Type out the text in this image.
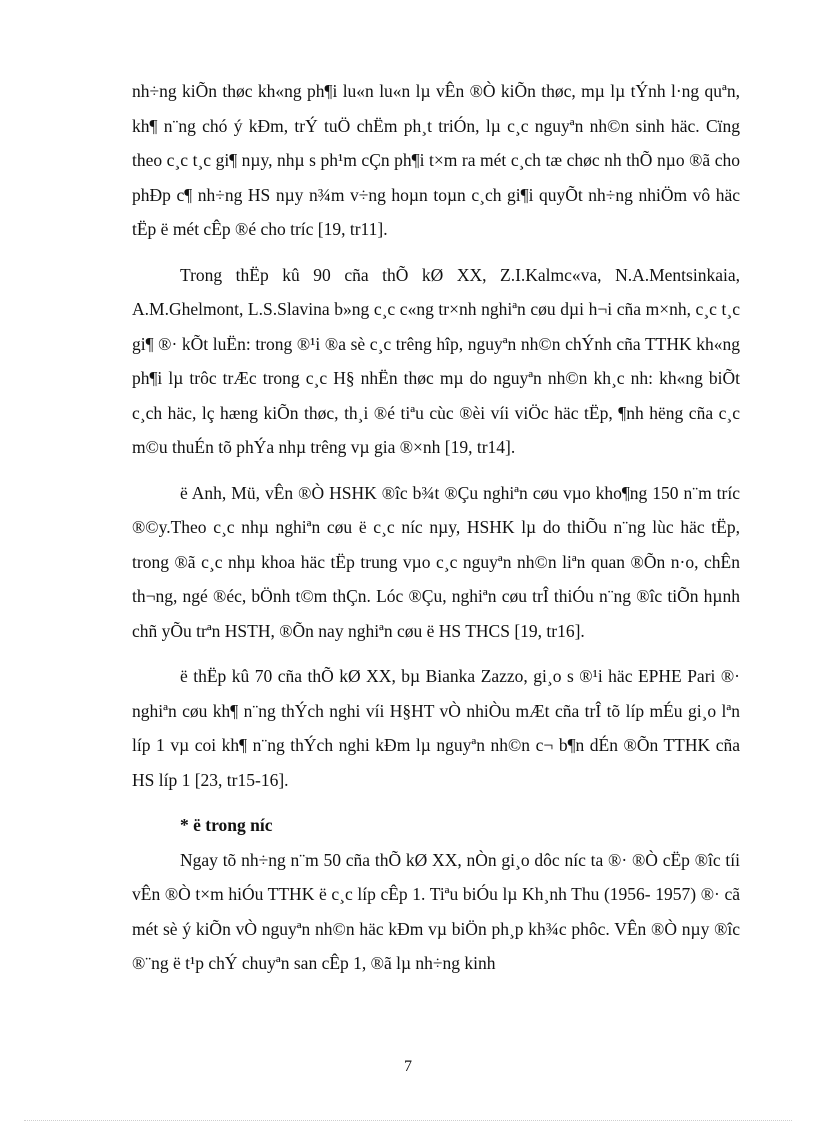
nh÷ng kiÕn thøc kh«ng ph¶i lu«n lu«n lµ vÊn ®Ò kiÕn thøc, mµ lµ tÝnh l·ng quªn, kh¶ n¨ng chó ý kÐm, trÝ tuÖ chËm ph¸t triÓn, lµ c¸c nguyªn nh©n sinh häc. Cïng theo c¸c t¸c gi¶ nµy, nhµ s ph¹m cÇn ph¶i t×m ra mét c¸ch tæ chøc nh thÕ nµo ®ã cho phÐp c¶ nh÷ng HS nµy n¾m v÷ng hoµn toµn c¸ch gi¶i quyÕt nh÷ng nhiÖm vô häc tËp ë mét cÊp ®é cho tríc [19, tr11].

Trong thËp kû 90 cña thÕ kØ XX, Z.I.Kalmc«va, N.A.Mentsinkaia, A.M.Ghelmont, L.S.Slavina b»ng c¸c c«ng tr×nh nghiªn cøu dµi h¬i cña m×nh, c¸c t¸c gi¶ ®· kÕt luËn: trong ®¹i ®a sè c¸c trêng hîp, nguyªn nh©n chÝnh cña TTHK kh«ng ph¶i lµ trôc trÆc trong c¸c H§ nhËn thøc mµ do nguyªn nh©n kh¸c nh: kh«ng biÕt c¸ch häc, lç hæng kiÕn thøc, th¸i ®é tiªu cùc ®èi víi viÖc häc tËp, ¶nh hëng cña c¸c m©u thuÉn tõ phÝa nhµ trêng vµ gia ®×nh [19, tr14].

ë Anh, Mü, vÊn ®Ò HSHK ®îc b¾t ®Çu nghiªn cøu vµo kho¶ng 150 n¨m tríc ®©y.Theo c¸c nhµ nghiªn cøu ë c¸c níc nµy, HSHK lµ do thiÕu n¨ng lùc häc tËp, trong ®ã c¸c nhµ khoa häc tËp trung vµo c¸c nguyªn nh©n liªn quan ®Õn n·o, chÊn th¬ng, ngé ®éc, bÖnh t©m thÇn. Lóc ®Çu, nghiªn cøu trÎ thiÓu n¨ng ®îc tiÕn hµnh chñ yÕu trªn HSTH, ®Õn nay nghiªn cøu ë HS THCS [19, tr16].

ë thËp kû 70 cña thÕ kØ XX, bµ Bianka Zazzo, gi¸o s ®¹i häc EPHE Pari ®· nghiªn cøu kh¶ n¨ng thÝch nghi víi H§HT vÒ nhiÒu mÆt cña trÎ tõ líp mÉu gi¸o lªn líp 1 vµ coi kh¶ n¨ng thÝch nghi kÐm lµ nguyªn nh©n c¬ b¶n dÉn ®Õn TTHK cña HS líp 1 [23, tr15-16].

* ë trong níc

Ngay tõ nh÷ng n¨m 50 cña thÕ kØ XX, nÒn gi¸o dôc níc ta ®· ®Ò cËp ®îc tíi vÊn ®Ò t×m hiÓu TTHK ë c¸c líp cÊp 1. Tiªu biÓu lµ Kh¸nh Thu (1956- 1957) ®· cã mét sè ý kiÕn vÒ nguyªn nh©n häc kÐm vµ biÖn ph¸p kh¾c phôc. VÊn ®Ò nµy ®îc ®¨ng ë t¹p chÝ chuyªn san cÊp 1, ®ã lµ nh÷ng kinh

7
